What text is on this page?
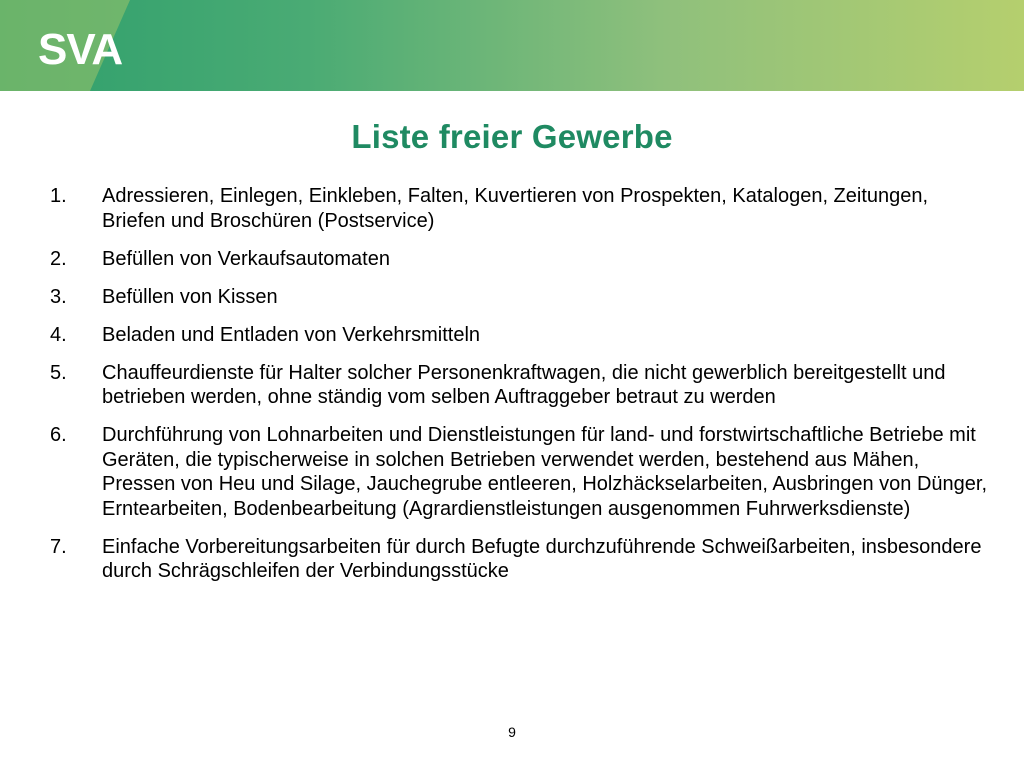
SVA
Liste freier Gewerbe
1.	Adressieren, Einlegen, Einkleben, Falten, Kuvertieren von Prospekten, Katalogen, Zeitungen, Briefen und Broschüren (Postservice)
2.	Befüllen von Verkaufsautomaten
3.	Befüllen von Kissen
4.	Beladen und Entladen von Verkehrsmitteln
5.	Chauffeurdienste für Halter solcher Personenkraftwagen, die nicht gewerblich bereitgestellt und betrieben werden, ohne ständig vom selben Auftraggeber betraut zu werden
6.	Durchführung von Lohnarbeiten und Dienstleistungen für land- und forstwirtschaftliche Betriebe mit Geräten, die typischerweise in solchen Betrieben verwendet werden, bestehend aus Mähen, Pressen von Heu und Silage, Jauchegrube entleeren, Holzhäckselarbeiten, Ausbringen von Dünger, Erntearbeiten, Bodenbearbeitung (Agrardienstleistungen ausgenommen Fuhrwerksdienste)
7.	Einfache Vorbereitungsarbeiten für durch Befugte durchzuführende Schweißarbeiten, insbesondere durch Schrägschleifen der Verbindungsstücke
9
